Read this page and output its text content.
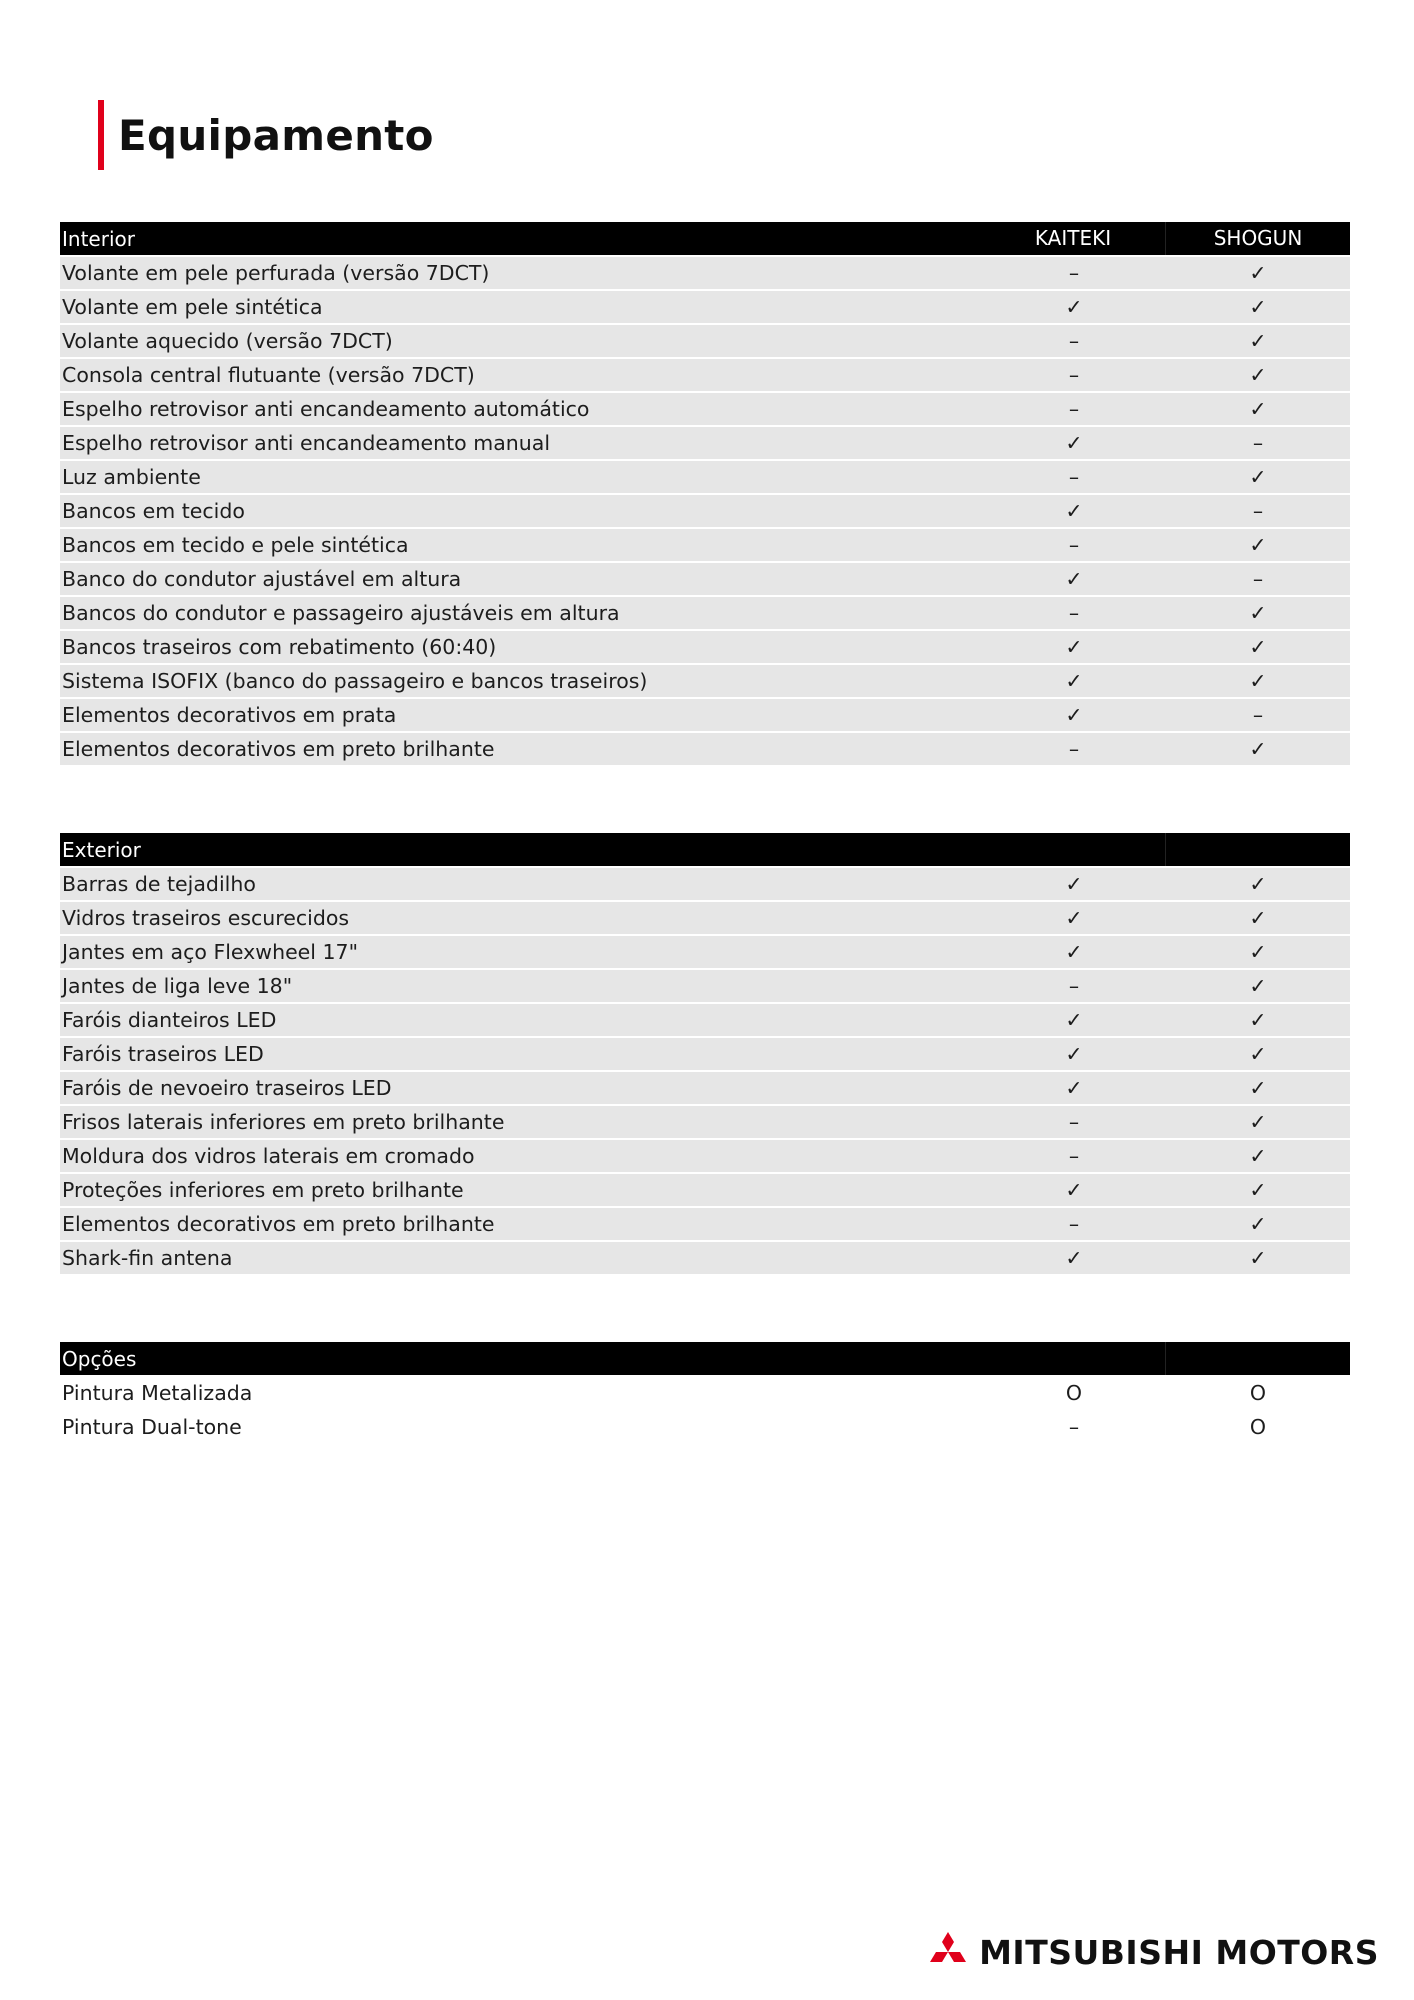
Equipamento
Interior	KAITEKI	SHOGUN
Volante em pele perfurada (versão 7DCT)	–	✓
Volante em pele sintética	✓	✓
Volante aquecido (versão 7DCT)	–	✓
Consola central flutuante (versão 7DCT)	–	✓
Espelho retrovisor anti encandeamento automático	–	✓
Espelho retrovisor anti encandeamento manual	✓	–
Luz ambiente	–	✓
Bancos em tecido	✓	–
Bancos em tecido e pele sintética	–	✓
Banco do condutor ajustável em altura	✓	–
Bancos do condutor e passageiro ajustáveis em altura	–	✓
Bancos traseiros com rebatimento (60:40)	✓	✓
Sistema ISOFIX (banco do passageiro e bancos traseiros)	✓	✓
Elementos decorativos em prata	✓	–
Elementos decorativos em preto brilhante	–	✓
Exterior
Barras de tejadilho	✓	✓
Vidros traseiros escurecidos	✓	✓
Jantes em aço Flexwheel 17"	✓	✓
Jantes de liga leve 18"	–	✓
Faróis dianteiros LED	✓	✓
Faróis traseiros LED	✓	✓
Faróis de nevoeiro traseiros LED	✓	✓
Frisos laterais inferiores em preto brilhante	–	✓
Moldura dos vidros laterais em cromado	–	✓
Proteções inferiores em preto brilhante	✓	✓
Elementos decorativos em preto brilhante	–	✓
Shark-fin antena	✓	✓
Opções
Pintura Metalizada	O	O
Pintura Dual-tone	–	O
MITSUBISHI MOTORS
